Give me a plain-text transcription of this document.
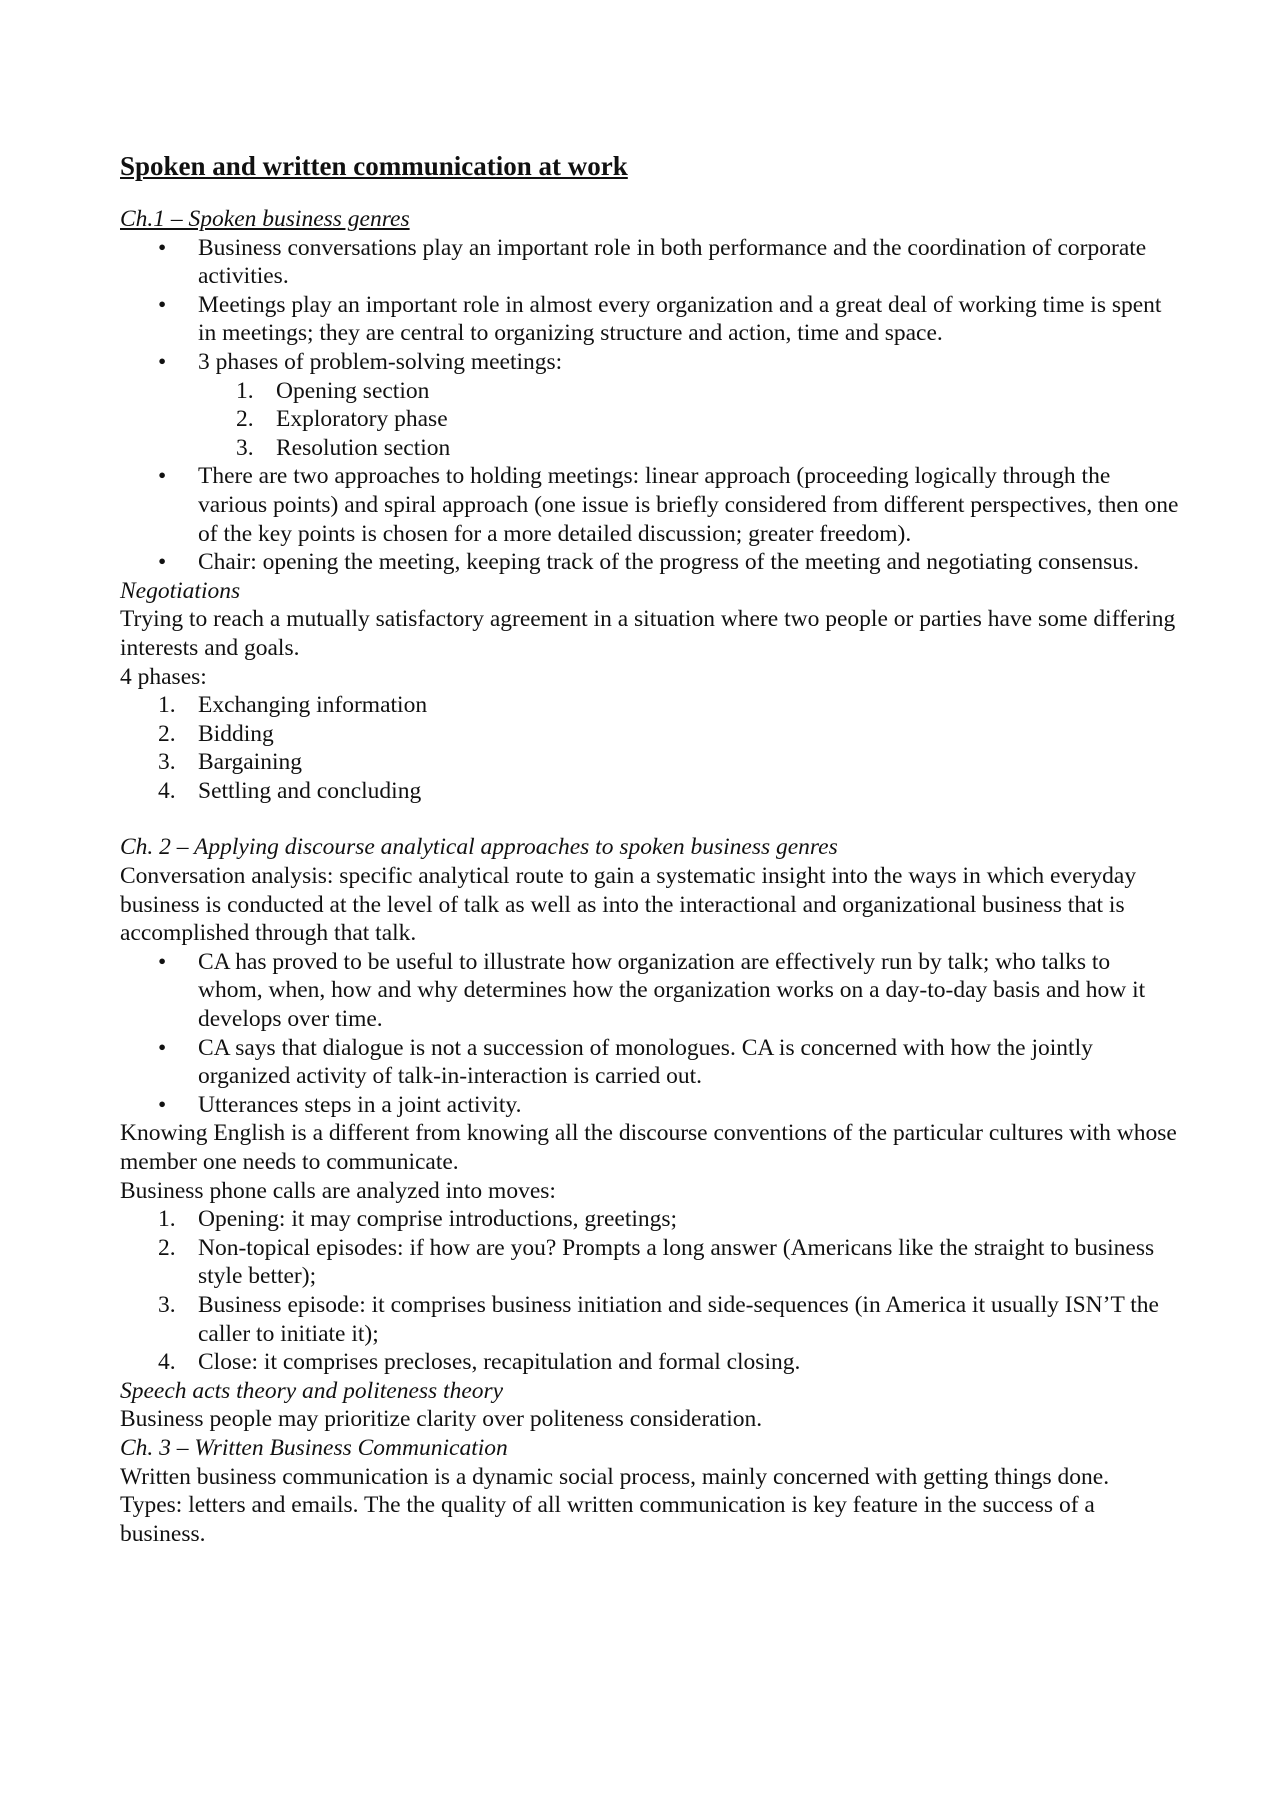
Spoken and written communication at work

Ch.1 – Spoken business genres

• Business conversations play an important role in both performance and the coordination of corporate activities.
• Meetings play an important role in almost every organization and a great deal of working time is spent in meetings; they are central to organizing structure and action, time and space.
• 3 phases of problem-solving meetings:
1. Opening section
2. Exploratory phase
3. Resolution section
• There are two approaches to holding meetings: linear approach (proceeding logically through the various points) and spiral approach (one issue is briefly considered from different perspectives, then one of the key points is chosen for a more detailed discussion; greater freedom).
• Chair: opening the meeting, keeping track of the progress of the meeting and negotiating consensus.

Negotiations

Trying to reach a mutually satisfactory agreement in a situation where two people or parties have some differing interests and goals.

4 phases:

1. Exchanging information
2. Bidding
3. Bargaining
4. Settling and concluding

Ch. 2 – Applying discourse analytical approaches to spoken business genres

Conversation analysis: specific analytical route to gain a systematic insight into the ways in which everyday business is conducted at the level of talk as well as into the interactional and organizational business that is accomplished through that talk.

• CA has proved to be useful to illustrate how organization are effectively run by talk; who talks to whom, when, how and why determines how the organization works on a day-to-day basis and how it develops over time.
• CA says that dialogue is not a succession of monologues. CA is concerned with how the jointly organized activity of talk-in-interaction is carried out.
• Utterances steps in a joint activity.

Knowing English is a different from knowing all the discourse conventions of the particular cultures with whose member one needs to communicate.

Business phone calls are analyzed into moves:

1. Opening: it may comprise introductions, greetings;
2. Non-topical episodes: if how are you? Prompts a long answer (Americans like the straight to business style better);
3. Business episode: it comprises business initiation and side-sequences (in America it usually ISN’T the caller to initiate it);
4. Close: it comprises precloses, recapitulation and formal closing.

Speech acts theory and politeness theory

Business people may prioritize clarity over politeness consideration.

Ch. 3 – Written Business Communication

Written business communication is a dynamic social process, mainly concerned with getting things done.

Types: letters and emails. The the quality of all written communication is key feature in the success of a business.
